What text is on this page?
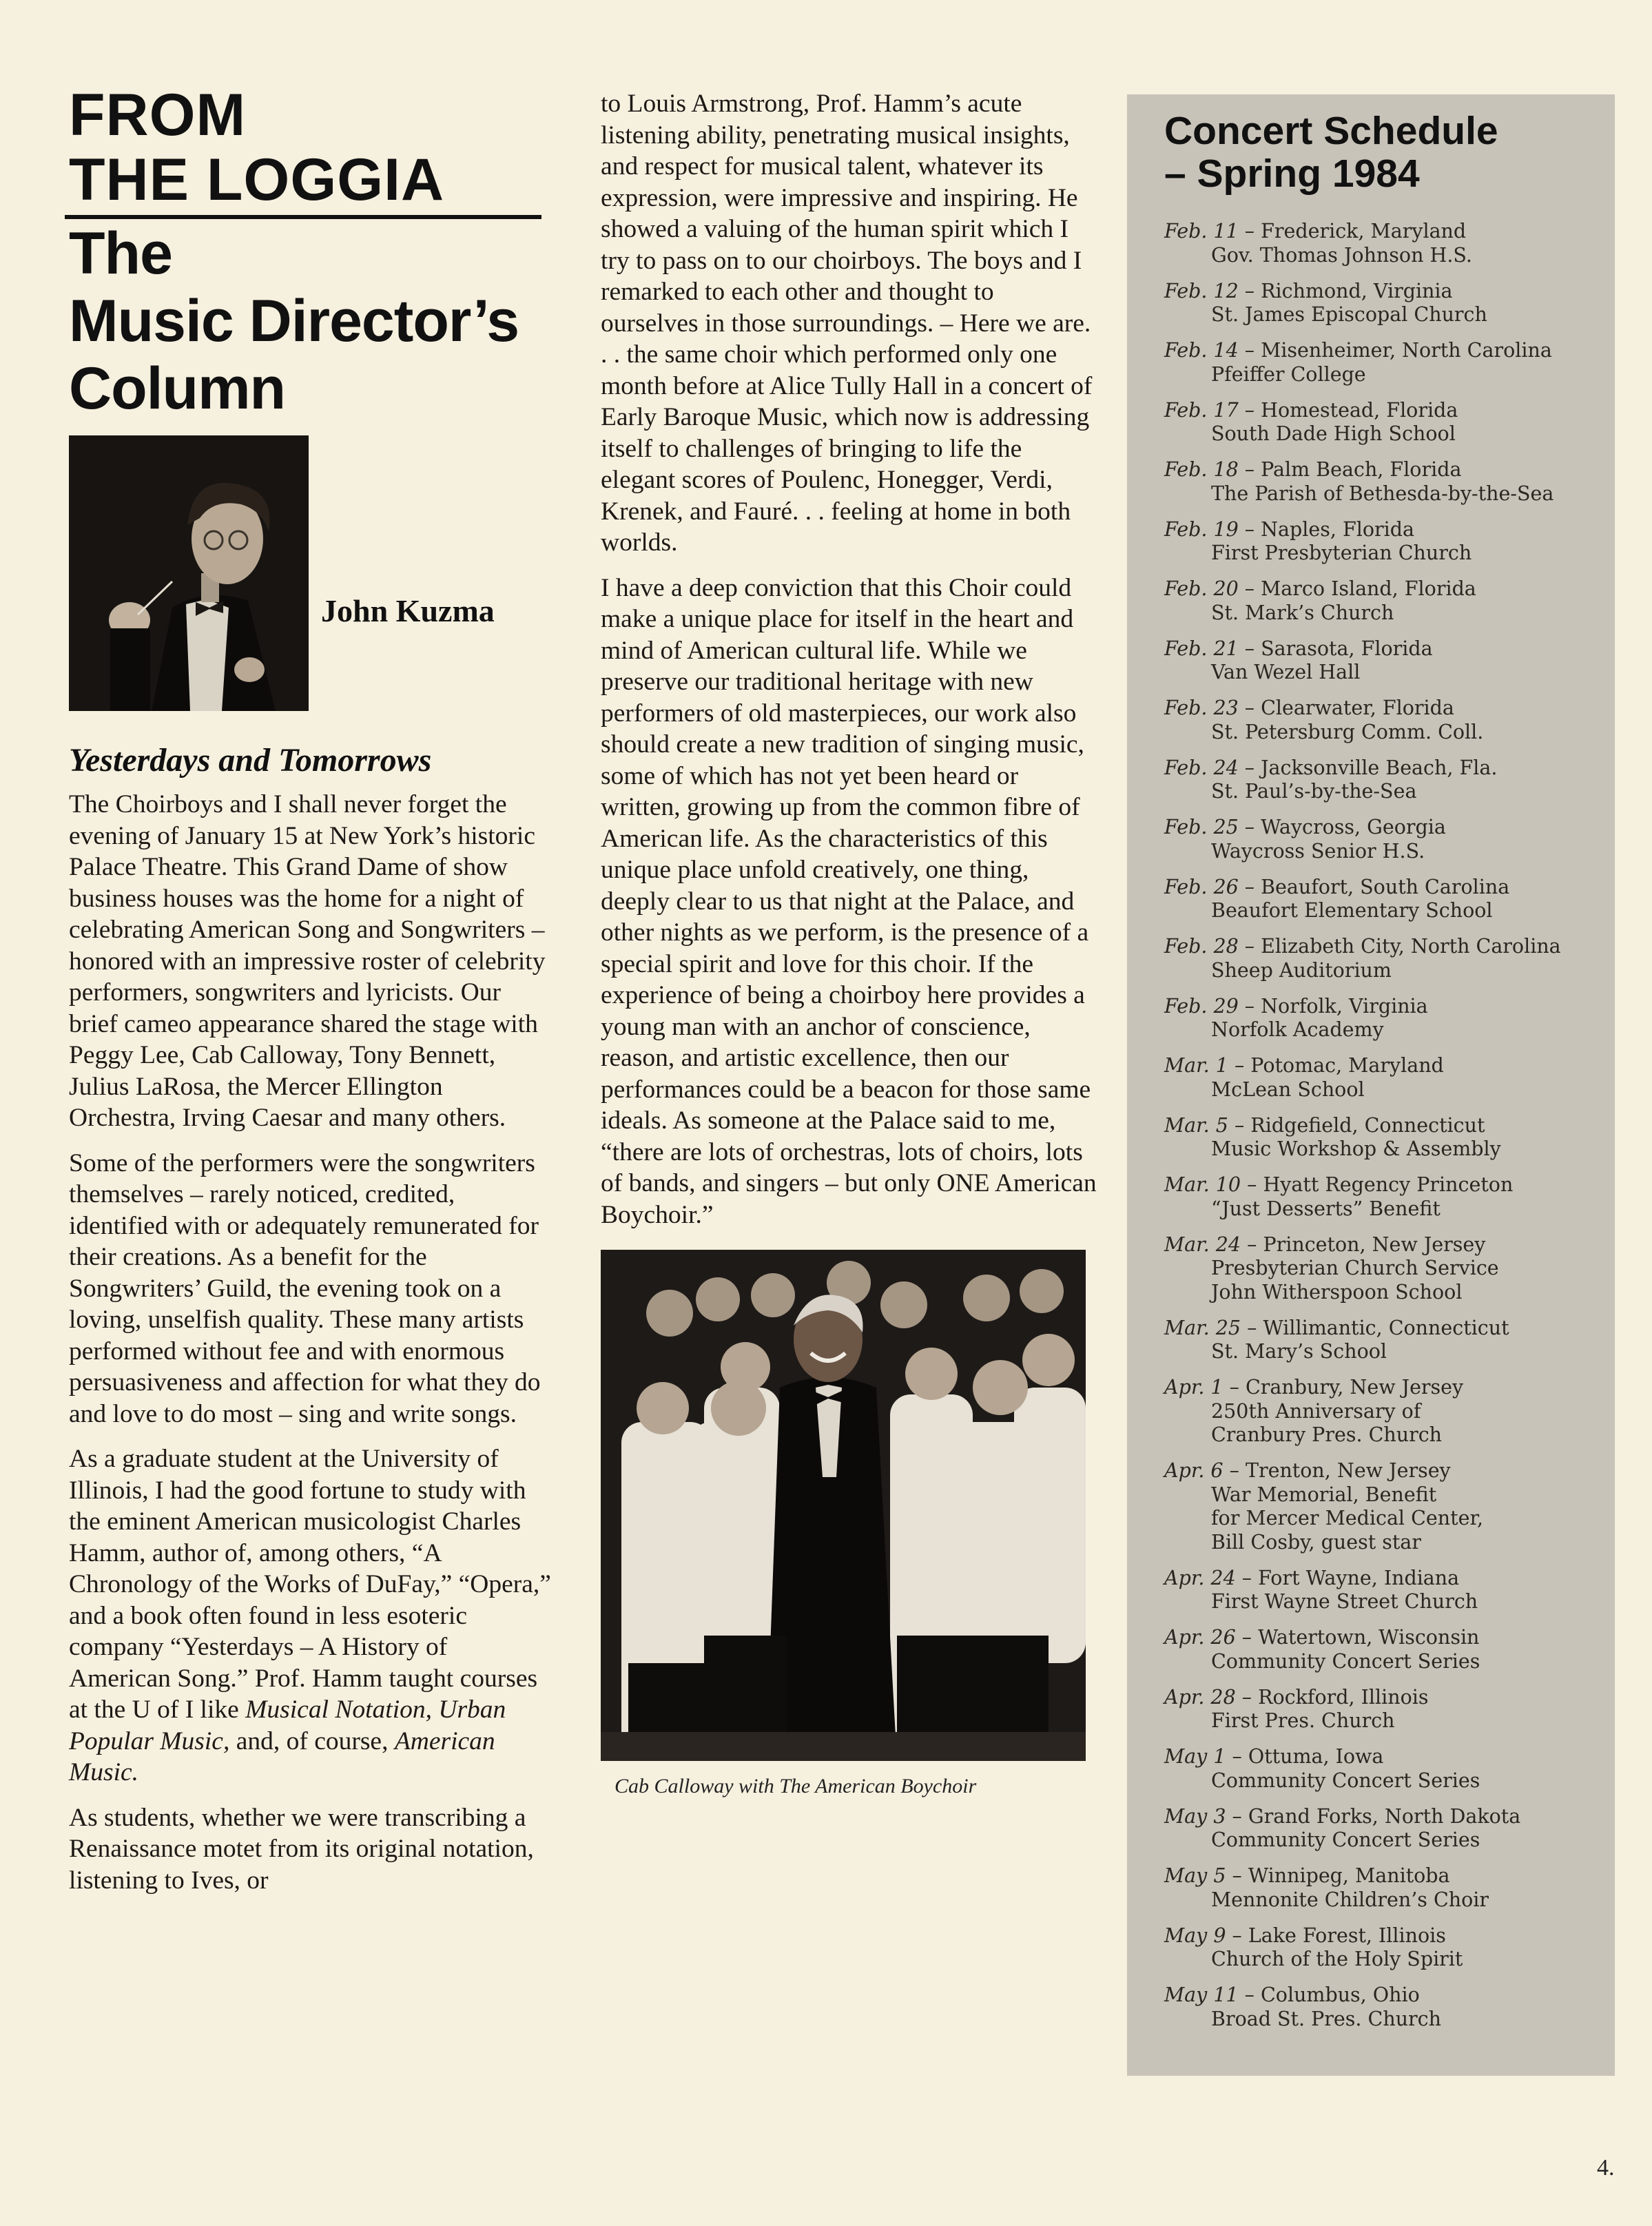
FROM
THE LOGGIA
The
Music Director’s
Column
John Kuzma
Yesterdays and Tomorrows

The Choirboys and I shall never forget the evening of January 15 at New York’s historic Palace Theatre. This Grand Dame of show business houses was the home for a night of celebrating American Song and Songwriters – honored with an impressive roster of celebrity performers, songwriters and lyricists. Our brief cameo appearance shared the stage with Peggy Lee, Cab Calloway, Tony Bennett, Julius LaRosa, the Mercer Ellington Orchestra, Irving Caesar and many others.

Some of the performers were the songwriters themselves – rarely noticed, credited, identified with or adequately remunerated for their creations. As a benefit for the Songwriters’ Guild, the evening took on a loving, unselfish quality. These many artists performed without fee and with enormous persuasiveness and affection for what they do and love to do most – sing and write songs.

As a graduate student at the University of Illinois, I had the good fortune to study with the eminent American musicologist Charles Hamm, author of, among others, “A Chronology of the Works of DuFay,” “Opera,” and a book often found in less esoteric company “Yesterdays – A History of American Song.” Prof. Hamm taught courses at the U of I like Musical Notation, Urban Popular Music, and, of course, American Music.

As students, whether we were transcribing a Renaissance motet from its original notation, listening to Ives, or

to Louis Armstrong, Prof. Hamm’s acute listening ability, penetrating musical insights, and respect for musical talent, whatever its expression, were impressive and inspiring. He showed a valuing of the human spirit which I try to pass on to our choirboys. The boys and I remarked to each other and thought to ourselves in those surroundings. – Here we are. . . the same choir which performed only one month before at Alice Tully Hall in a concert of Early Baroque Music, which now is addressing itself to challenges of bringing to life the elegant scores of Poulenc, Honegger, Verdi, Krenek, and Fauré. . . feeling at home in both worlds.

I have a deep conviction that this Choir could make a unique place for itself in the heart and mind of American cultural life. While we preserve our traditional heritage with new performers of old masterpieces, our work also should create a new tradition of singing music, some of which has not yet been heard or written, growing up from the common fibre of American life. As the characteristics of this unique place unfold creatively, one thing, deeply clear to us that night at the Palace, and other nights as we perform, is the presence of a special spirit and love for this choir. If the experience of being a choirboy here provides a young man with an anchor of conscience, reason, and artistic excellence, then our performances could be a beacon for those same ideals. As someone at the Palace said to me, “there are lots of orchestras, lots of choirs, lots of bands, and singers – but only ONE American Boychoir.”

Cab Calloway with The American Boychoir
Concert Schedule
– Spring 1984
Feb. 11 – Frederick, Maryland
Gov. Thomas Johnson H.S.
Feb. 12 – Richmond, Virginia
St. James Episcopal Church
Feb. 14 – Misenheimer, North Carolina
Pfeiffer College
Feb. 17 – Homestead, Florida
South Dade High School
Feb. 18 – Palm Beach, Florida
The Parish of Bethesda-by-the-Sea
Feb. 19 – Naples, Florida
First Presbyterian Church
Feb. 20 – Marco Island, Florida
St. Mark’s Church
Feb. 21 – Sarasota, Florida
Van Wezel Hall
Feb. 23 – Clearwater, Florida
St. Petersburg Comm. Coll.
Feb. 24 – Jacksonville Beach, Fla.
St. Paul’s-by-the-Sea
Feb. 25 – Waycross, Georgia
Waycross Senior H.S.
Feb. 26 – Beaufort, South Carolina
Beaufort Elementary School
Feb. 28 – Elizabeth City, North Carolina
Sheep Auditorium
Feb. 29 – Norfolk, Virginia
Norfolk Academy
Mar. 1 – Potomac, Maryland
McLean School
Mar. 5 – Ridgefield, Connecticut
Music Workshop & Assembly
Mar. 10 – Hyatt Regency Princeton
“Just Desserts” Benefit
Mar. 24 – Princeton, New Jersey
Presbyterian Church Service
John Witherspoon School
Mar. 25 – Willimantic, Connecticut
St. Mary’s School
Apr. 1 – Cranbury, New Jersey
250th Anniversary of
Cranbury Pres. Church
Apr. 6 – Trenton, New Jersey
War Memorial, Benefit
for Mercer Medical Center,
Bill Cosby, guest star
Apr. 24 – Fort Wayne, Indiana
First Wayne Street Church
Apr. 26 – Watertown, Wisconsin
Community Concert Series
Apr. 28 – Rockford, Illinois
First Pres. Church
May 1 – Ottuma, Iowa
Community Concert Series
May 3 – Grand Forks, North Dakota
Community Concert Series
May 5 – Winnipeg, Manitoba
Mennonite Children’s Choir
May 9 – Lake Forest, Illinois
Church of the Holy Spirit
May 11 – Columbus, Ohio
Broad St. Pres. Church
4.
